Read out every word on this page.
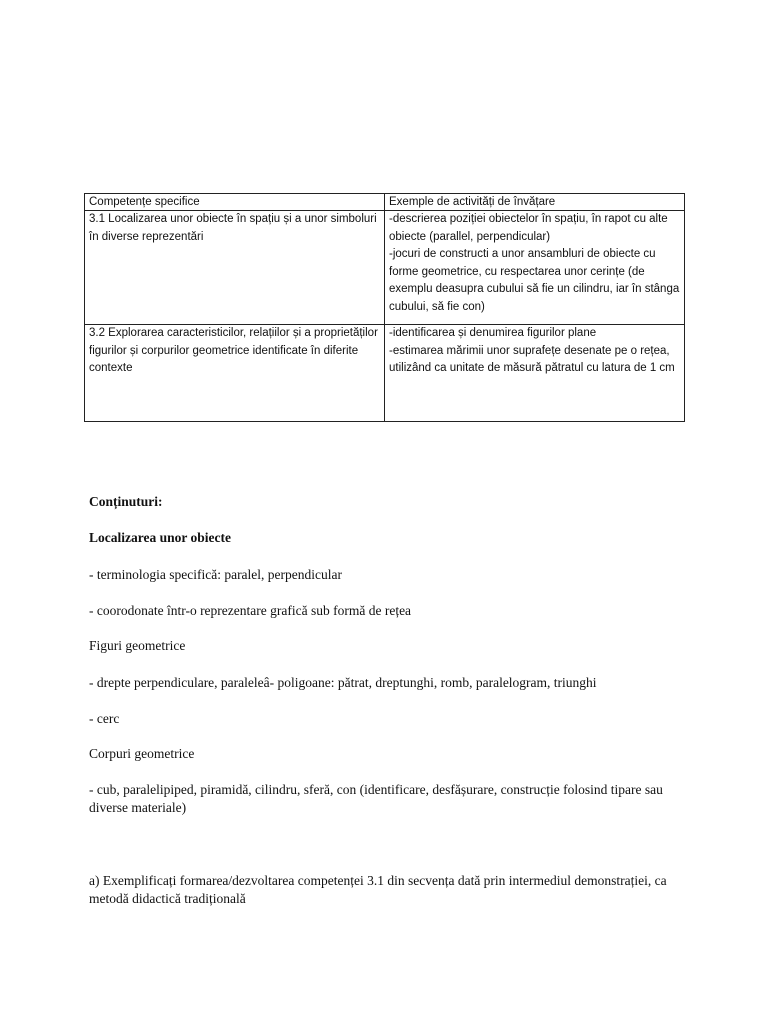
Competențe specifice	Exemple de activități de învățare
3.1 Localizarea unor obiecte în spațiu și a unor simboluri în diverse reprezentări	-descrierea poziției obiectelor în spațiu, în rapot cu alte obiecte (parallel, perpendicular)
-jocuri de constructi a unor ansambluri de obiecte cu forme geometrice, cu respectarea unor cerințe (de exemplu deasupra cubului să fie un cilindru, iar în stânga cubului, să fie con)

3.2 Explorarea caracteristicilor, relațiilor și a proprietăților figurilor și corpurilor geometrice identificate în diferite contexte	-identificarea și denumirea figurilor plane
-estimarea mărimii unor suprafețe desenate pe o rețea, utilizând ca unitate de măsură pătratul cu latura de 1 cm
Conținuturi:
Localizarea unor obiecte
- terminologia specifică: paralel, perpendicular
- coorodonate într-o reprezentare grafică sub formă de rețea
Figuri geometrice
- drepte perpendiculare, paraleleâ- poligoane: pătrat, dreptunghi, romb, paralelogram, triunghi
- cerc
Corpuri geometrice
- cub, paralelipiped, piramidă, cilindru, sferă, con (identificare, desfășurare, construcție folosind tipare sau diverse materiale)
a) Exemplificați formarea/dezvoltarea competenței 3.1 din secvența dată prin intermediul demonstrației, ca metodă didactică tradițională
